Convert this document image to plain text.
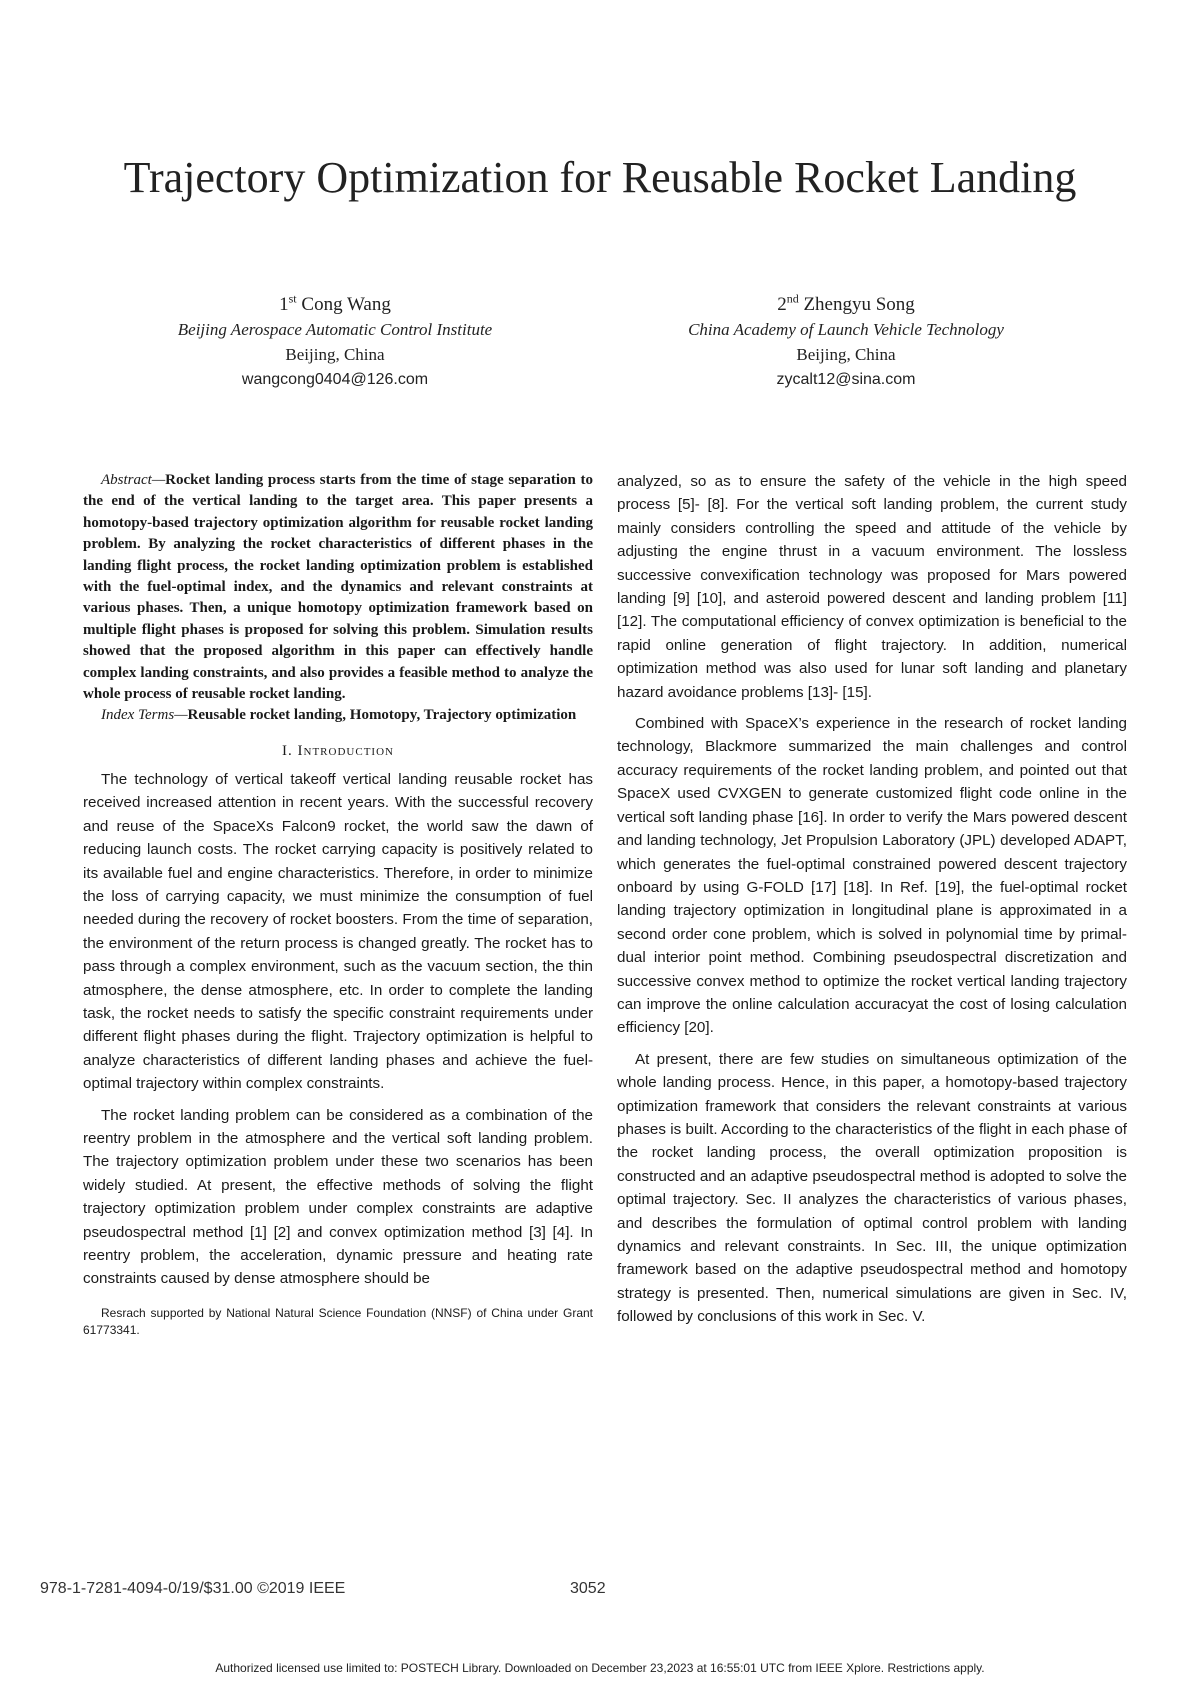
Trajectory Optimization for Reusable Rocket Landing
1st Cong Wang
Beijing Aerospace Automatic Control Institute
Beijing, China
wangcong0404@126.com
2nd Zhengyu Song
China Academy of Launch Vehicle Technology
Beijing, China
zycalt12@sina.com

Abstract—Rocket landing process starts from the time of stage separation to the end of the vertical landing to the target area. This paper presents a homotopy-based trajectory optimization algorithm for reusable rocket landing problem. By analyzing the rocket characteristics of different phases in the landing flight process, the rocket landing optimization problem is established with the fuel-optimal index, and the dynamics and relevant constraints at various phases. Then, a unique homotopy optimization framework based on multiple flight phases is proposed for solving this problem. Simulation results showed that the proposed algorithm in this paper can effectively handle complex landing constraints, and also provides a feasible method to analyze the whole process of reusable rocket landing.

Index Terms—Reusable rocket landing, Homotopy, Trajectory optimization

I. Introduction

The technology of vertical takeoff vertical landing reusable rocket has received increased attention in recent years. With the successful recovery and reuse of the SpaceXs Falcon9 rocket, the world saw the dawn of reducing launch costs. The rocket carrying capacity is positively related to its available fuel and engine characteristics. Therefore, in order to minimize the loss of carrying capacity, we must minimize the consumption of fuel needed during the recovery of rocket boosters. From the time of separation, the environment of the return process is changed greatly. The rocket has to pass through a complex environment, such as the vacuum section, the thin atmosphere, the dense atmosphere, etc. In order to complete the landing task, the rocket needs to satisfy the specific constraint requirements under different flight phases during the flight. Trajectory optimization is helpful to analyze characteristics of different landing phases and achieve the fuel-optimal trajectory within complex constraints.

The rocket landing problem can be considered as a combination of the reentry problem in the atmosphere and the vertical soft landing problem. The trajectory optimization problem under these two scenarios has been widely studied. At present, the effective methods of solving the flight trajectory optimization problem under complex constraints are adaptive pseudospectral method [1] [2] and convex optimization method [3] [4]. In reentry problem, the acceleration, dynamic pressure and heating rate constraints caused by dense atmosphere should be

Resrach supported by National Natural Science Foundation (NNSF) of China under Grant 61773341.

analyzed, so as to ensure the safety of the vehicle in the high speed process [5]- [8]. For the vertical soft landing problem, the current study mainly considers controlling the speed and attitude of the vehicle by adjusting the engine thrust in a vacuum environment. The lossless successive convexification technology was proposed for Mars powered landing [9] [10], and asteroid powered descent and landing problem [11] [12]. The computational efficiency of convex optimization is beneficial to the rapid online generation of flight trajectory. In addition, numerical optimization method was also used for lunar soft landing and planetary hazard avoidance problems [13]- [15].

Combined with SpaceX’s experience in the research of rocket landing technology, Blackmore summarized the main challenges and control accuracy requirements of the rocket landing problem, and pointed out that SpaceX used CVXGEN to generate customized flight code online in the vertical soft landing phase [16]. In order to verify the Mars powered descent and landing technology, Jet Propulsion Laboratory (JPL) developed ADAPT, which generates the fuel-optimal constrained powered descent trajectory onboard by using G-FOLD [17] [18]. In Ref. [19], the fuel-optimal rocket landing trajectory optimization in longitudinal plane is approximated in a second order cone problem, which is solved in polynomial time by primal-dual interior point method. Combining pseudospectral discretization and successive convex method to optimize the rocket vertical landing trajectory can improve the online calculation accuracyat the cost of losing calculation efficiency [20].

At present, there are few studies on simultaneous optimization of the whole landing process. Hence, in this paper, a homotopy-based trajectory optimization framework that considers the relevant constraints at various phases is built. According to the characteristics of the flight in each phase of the rocket landing process, the overall optimization proposition is constructed and an adaptive pseudospectral method is adopted to solve the optimal trajectory. Sec. II analyzes the characteristics of various phases, and describes the formulation of optimal control problem with landing dynamics and relevant constraints. In Sec. III, the unique optimization framework based on the adaptive pseudospectral method and homotopy strategy is presented. Then, numerical simulations are given in Sec. IV, followed by conclusions of this work in Sec. V.

978-1-7281-4094-0/19/$31.00 ©2019 IEEE	3052
Authorized licensed use limited to: POSTECH Library. Downloaded on December 23,2023 at 16:55:01 UTC from IEEE Xplore. Restrictions apply.
